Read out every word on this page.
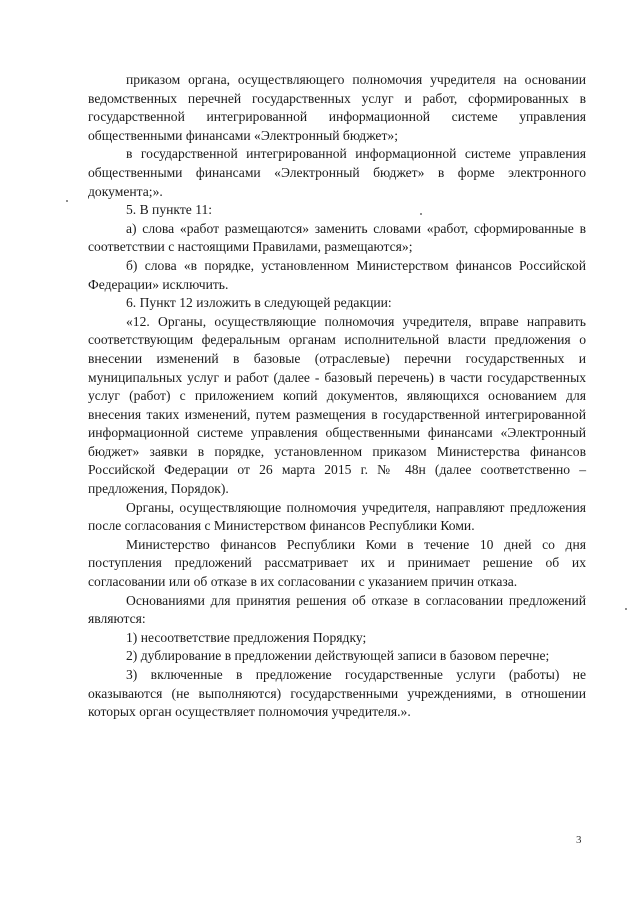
приказом органа, осуществляющего полномочия учредителя на основании ведомственных перечней государственных услуг и работ, сформированных в государственной интегрированной информационной системе управления общественными финансами «Электронный бюджет»;

в государственной интегрированной информационной системе управления общественными финансами «Электронный бюджет» в форме электронного документа;».

5. В пункте 11:

а) слова «работ размещаются» заменить словами «работ, сформированные в соответствии с настоящими Правилами, размещаются»;

б) слова «в порядке, установленном Министерством финансов Российской Федерации» исключить.

6. Пункт 12 изложить в следующей редакции:

«12. Органы, осуществляющие полномочия учредителя, вправе направить соответствующим федеральным органам исполнительной власти предложения о внесении изменений в базовые (отраслевые) перечни государственных и муниципальных услуг и работ (далее - базовый перечень) в части государственных услуг (работ) с приложением копий документов, являющихся основанием для внесения таких изменений, путем размещения в государственной интегрированной информационной системе управления общественными финансами «Электронный бюджет» заявки в порядке, установленном приказом Министерства финансов Российской Федерации от 26 марта 2015 г. № 48н (далее соответственно – предложения, Порядок).

Органы, осуществляющие полномочия учредителя, направляют предложения после согласования с Министерством финансов Республики Коми.

Министерство финансов Республики Коми в течение 10 дней со дня поступления предложений рассматривает их и принимает решение об их согласовании или об отказе в их согласовании с указанием причин отказа.

Основаниями для принятия решения об отказе в согласовании предложений являются:

1) несоответствие предложения Порядку;

2) дублирование в предложении действующей записи в базовом перечне;

3) включенные в предложение государственные услуги (работы) не оказываются (не выполняются) государственными учреждениями, в отношении которых орган осуществляет полномочия учредителя.».

3
